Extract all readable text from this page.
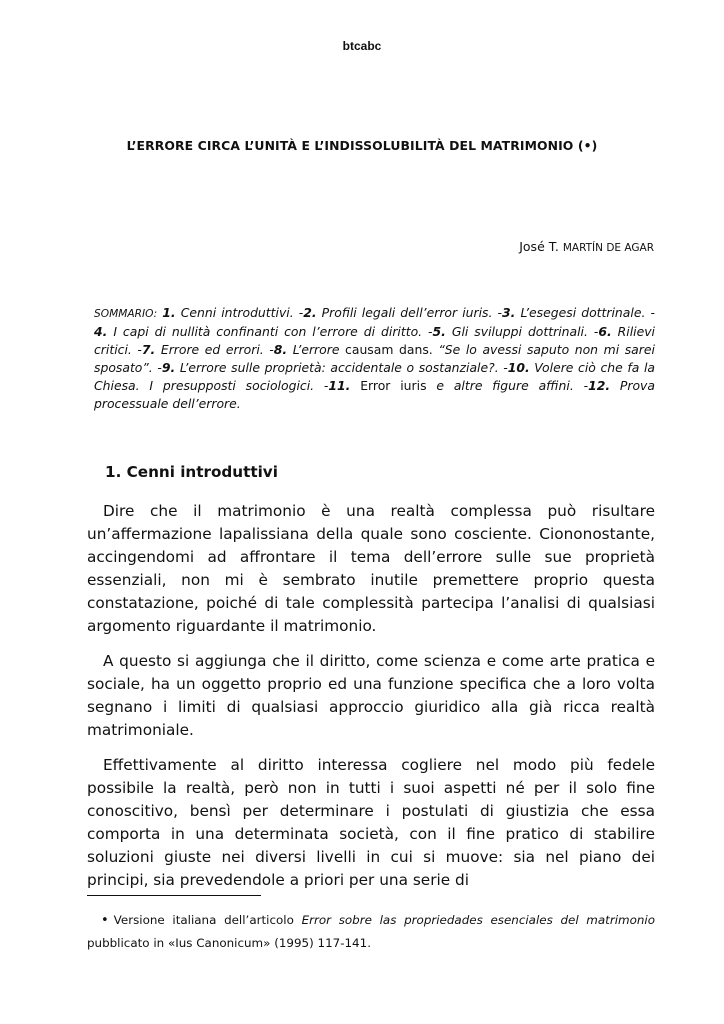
btcabc
L’ERRORE CIRCA L’UNITÀ E L’INDISSOLUBILITÀ DEL MATRIMONIO (•)
José T. MARTÍN DE AGAR
SOMMARIO: 1. Cenni introduttivi. -2. Profili legali dell’error iuris. -3. L’esegesi dottrinale. - 4. I capi di nullità confinanti con l’errore di diritto. -5. Gli sviluppi dottrinali. -6. Rilievi critici. -7. Errore ed errori. -8. L’errore causam dans. “Se lo avessi saputo non mi sarei sposato”. -9. L’errore sulle proprietà: accidentale o sostanziale?. -10. Volere ciò che fa la Chiesa. I presupposti sociologici. -11. Error iuris e altre figure affini. -12. Prova processuale dell’errore.
1. Cenni introduttivi

Dire che il matrimonio è una realtà complessa può risultare un’affermazione lapalissiana della quale sono cosciente. Ciononostante, accingendomi ad affrontare il tema dell’errore sulle sue proprietà essenziali, non mi è sembrato inutile premettere proprio questa constatazione, poiché di tale complessità partecipa l’analisi di qualsiasi argomento riguardante il matrimonio.

A questo si aggiunga che il diritto, come scienza e come arte pratica e sociale, ha un oggetto proprio ed una funzione specifica che a loro volta segnano i limiti di qualsiasi approccio giuridico alla già ricca realtà matrimoniale.

Effettivamente al diritto interessa cogliere nel modo più fedele possibile la realtà, però non in tutti i suoi aspetti né per il solo fine conoscitivo, bensì per determinare i postulati di giustizia che essa comporta in una determinata società, con il fine pratico di stabilire soluzioni giuste nei diversi livelli in cui si muove: sia nel piano dei principi, sia prevedendole a priori per una serie di

• Versione italiana dell’articolo Error sobre las propriedades esenciales del matrimonio pubblicato in «Ius Canonicum» (1995) 117-141.
